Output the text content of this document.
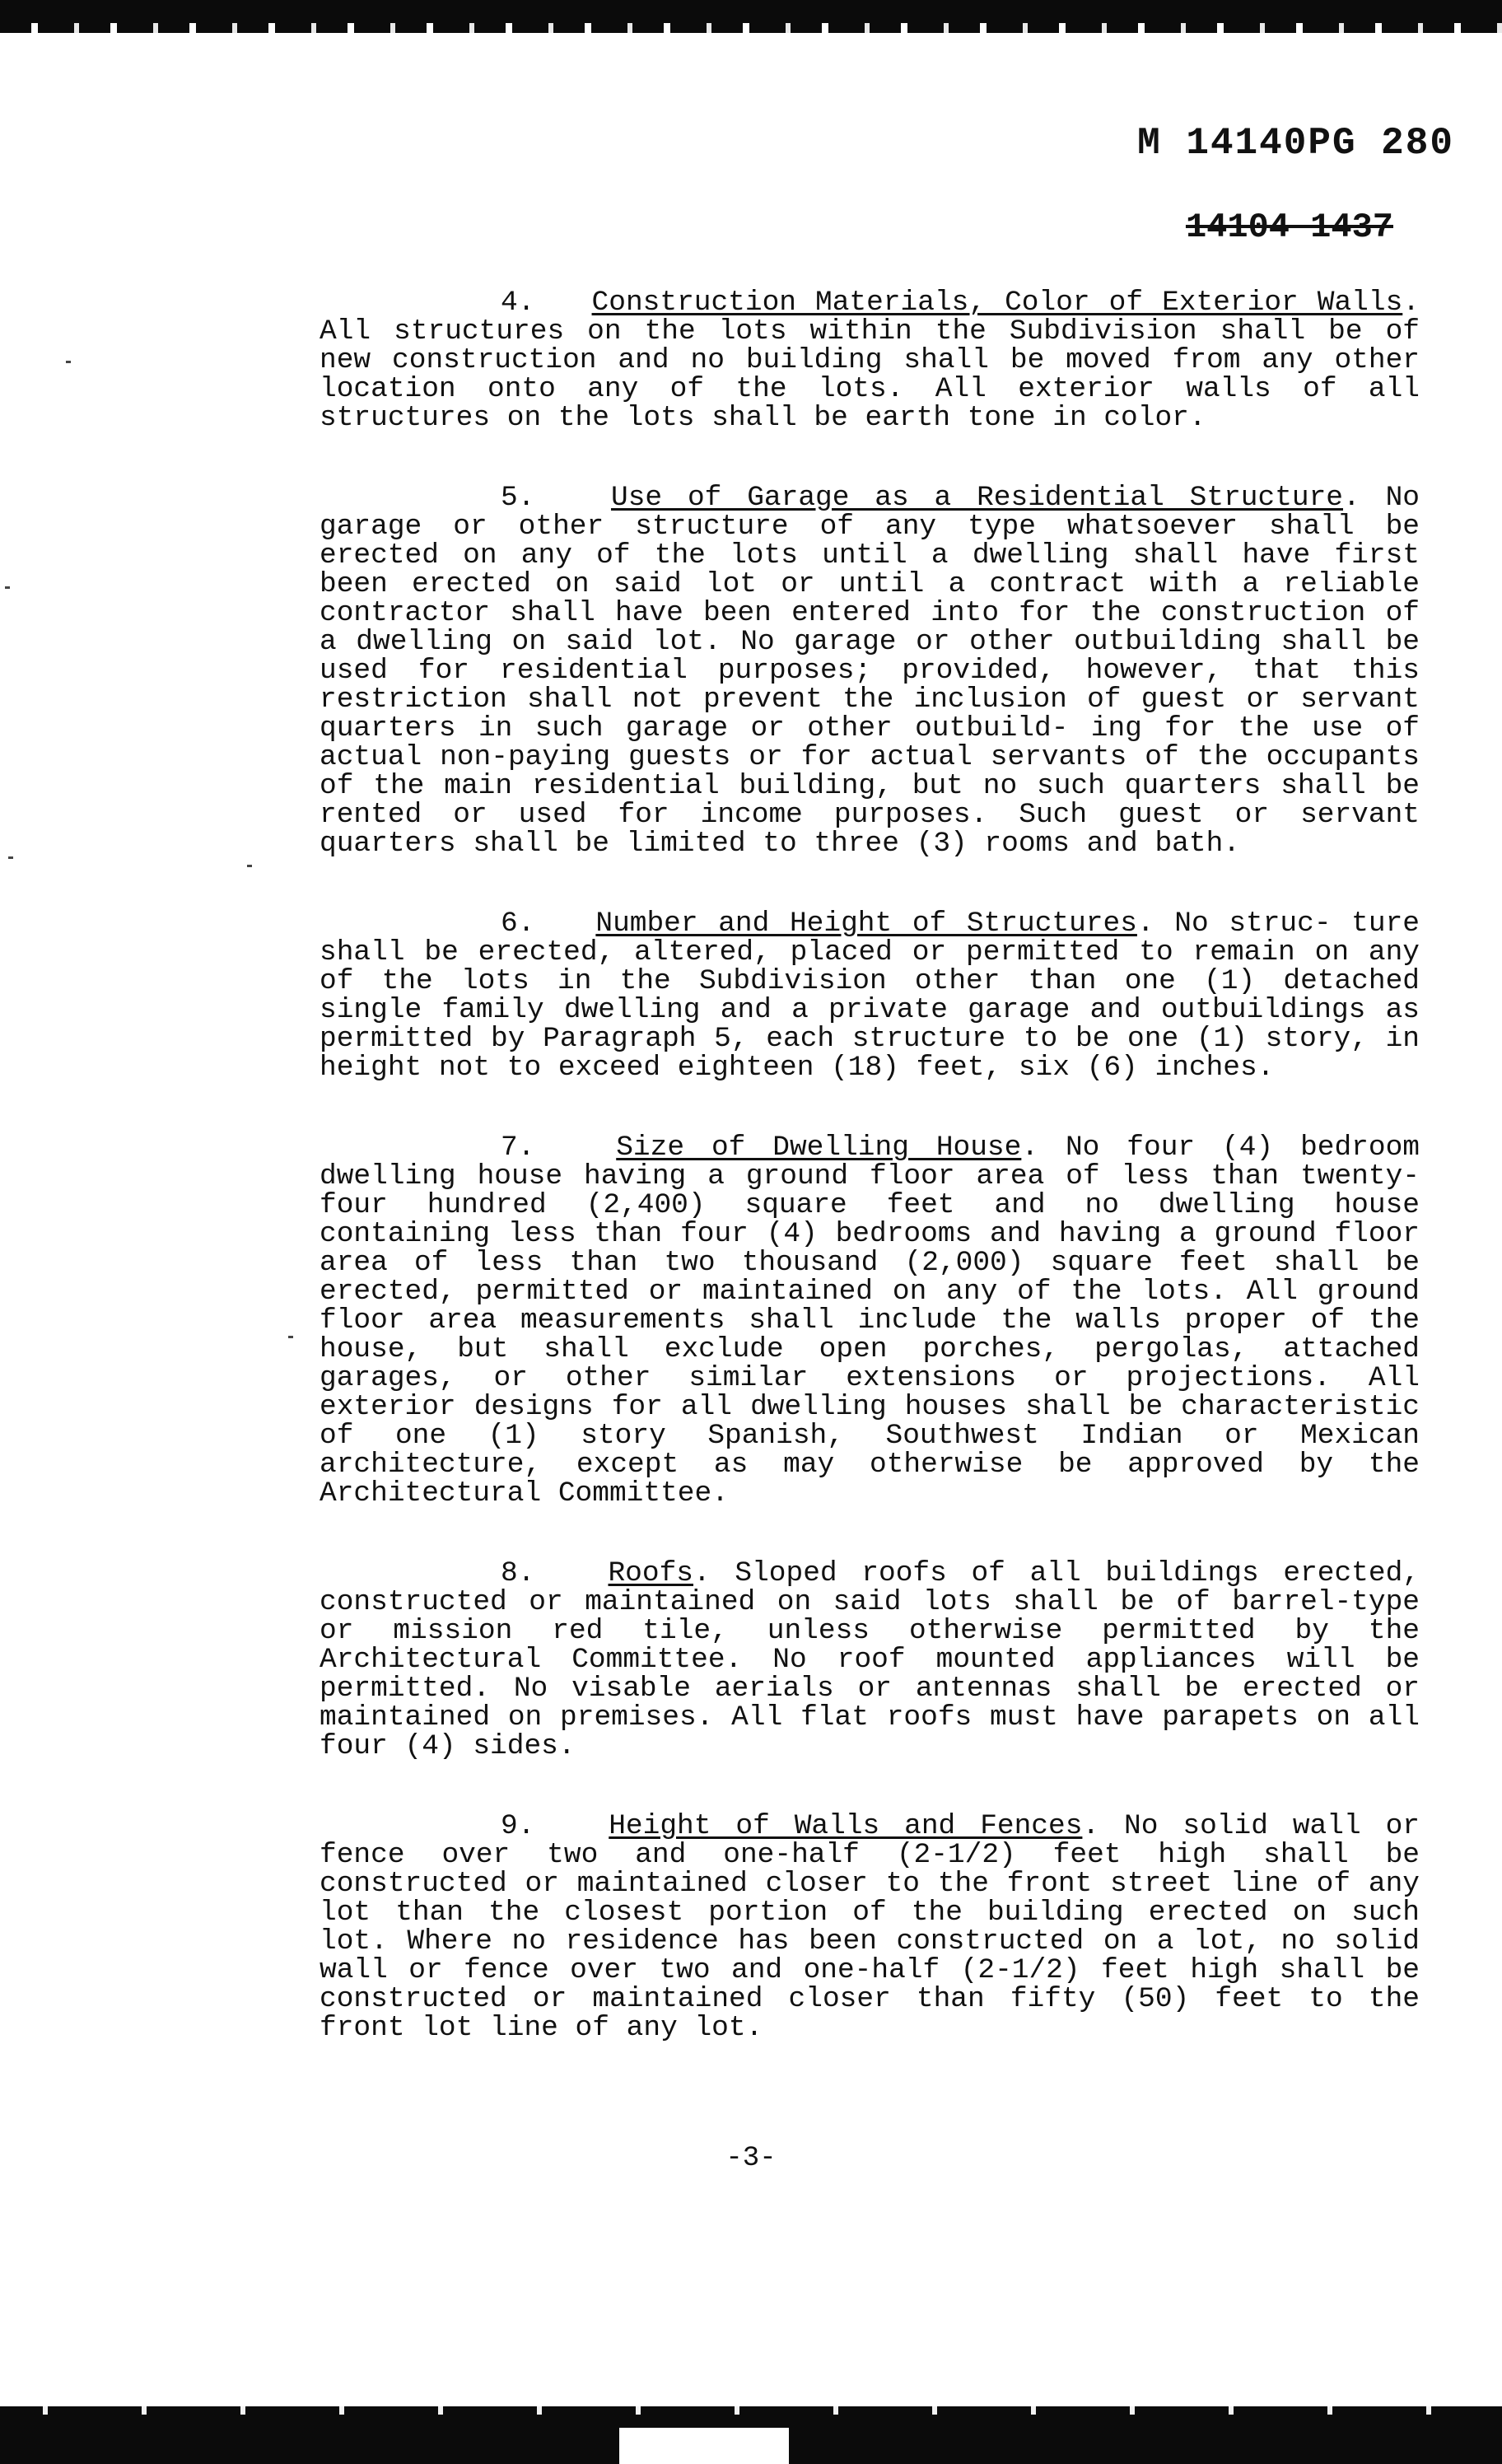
M 14140PG 280

14104 1437

4. Construction Materials, Color of Exterior Walls. All structures on the lots within the Subdivision shall be of new construction and no building shall be moved from any other location onto any of the lots. All exterior walls of all structures on the lots shall be earth tone in color.

5.	Use of Garage as a Residential Structure. No garage or other structure of any type whatsoever shall be erected on any of the lots until a dwelling shall have first been erected on said lot or until a contract with a reliable contractor shall have been entered into for the construction of a dwelling on said lot. No garage or other outbuilding shall be used for residential purposes; provided, however, that this restriction shall not prevent the inclusion of guest or servant quarters in such garage or other outbuild- ing for the use of actual non-paying guests or for actual servants of the occupants of the main residential building, but no such quarters shall be rented or used for income purposes. Such guest or servant quarters shall be limited to three (3) rooms and bath.

6. Number and Height of Structures. No struc- ture shall be erected, altered, placed or permitted to remain on any of the lots in the Subdivision other than one (1) detached single family dwelling and a private garage and outbuildings as permitted by Paragraph 5, each structure to be one (1) story, in height not to exceed eighteen (18) feet, six (6) inches.

7.	Size of Dwelling House. No four (4) bedroom dwelling house having a ground floor area of less than twenty-four hundred (2,400) square feet and no dwelling house containing less than four (4) bedrooms and having a ground floor area of less than two thousand (2,000) square feet shall be erected, permitted or maintained on any of the lots. All ground floor area measurements shall include the walls proper of the house, but shall exclude open porches, pergolas, attached garages, or other similar extensions or projections. All exterior designs for all dwelling houses shall be characteristic of one (1) story Spanish, Southwest Indian or Mexican architecture, except as may otherwise be approved by the Architectural Committee.

8.	Roofs. Sloped roofs of all buildings erected, constructed or maintained on said lots shall be of barrel-type or mission red tile, unless otherwise permitted by the Architectural Committee. No roof mounted appliances will be permitted. No visable aerials or antennas shall be erected or maintained on premises. All flat roofs must have parapets on all four (4) sides.

9.	Height of Walls and Fences. No solid wall or fence over two and one-half (2-1/2) feet high shall be constructed or maintained closer to the front street line of any lot than the closest portion of the building erected on such lot. Where no residence has been constructed on a lot, no solid wall or fence over two and one-half (2-1/2) feet high shall be constructed or maintained closer than fifty (50) feet to the front lot line of any lot.

-3-
